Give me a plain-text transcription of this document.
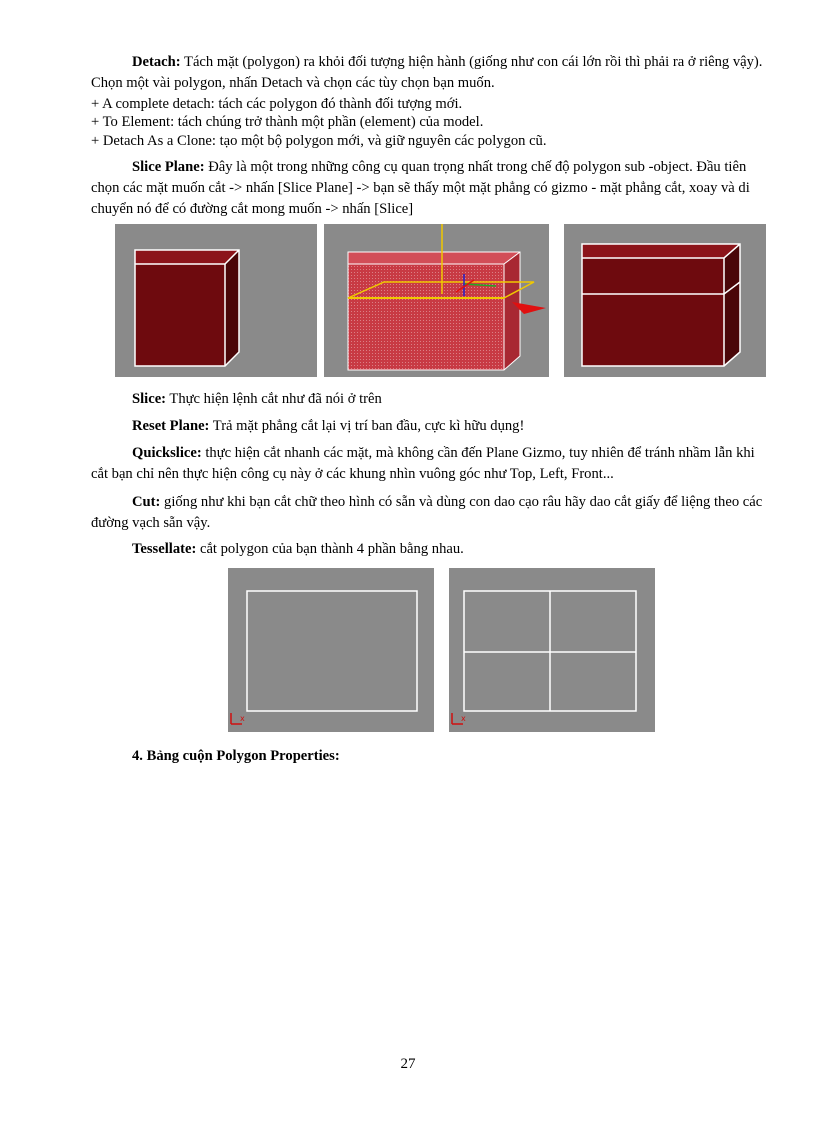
Detach: Tách mặt (polygon) ra khỏi đối tượng hiện hành (giống như con cái lớn rồi thì phải ra ở riêng vậy). Chọn một vài polygon, nhấn Detach và chọn các tùy chọn bạn muốn.

+ A complete detach: tách các polygon đó thành đối tượng mới.

+ To Element: tách chúng trở thành một phần (element) của model.

+ Detach As a Clone: tạo một bộ polygon mới, và giữ nguyên các polygon cũ.

Slice Plane: Đây là một trong những công cụ quan trọng nhất trong chế độ polygon sub -object. Đầu tiên chọn các mặt muốn cắt -> nhấn [Slice Plane] -> bạn sẽ thấy một mặt phẳng có gizmo - mặt phẳng cắt, xoay và di chuyển nó để có đường cắt mong muốn -> nhấn [Slice]

Slice: Thực hiện lệnh cắt như đã nói ở trên

Reset Plane: Trả mặt phẳng cắt lại vị trí ban đầu, cực kì hữu dụng!

Quickslice: thực hiện cắt nhanh các mặt, mà không cần đến Plane Gizmo, tuy nhiên để tránh nhầm lẫn khi cắt bạn chỉ nên thực hiện công cụ này ở các khung nhìn vuông góc như Top, Left, Front...

Cut: giống như khi bạn cắt chữ theo hình có sẵn và dùng con dao cạo râu hãy dao cắt giấy để liệng theo các đường vạch sẵn vậy.

Tessellate: cắt polygon của bạn thành 4 phần bằng nhau.

x	x

4. Bảng cuộn Polygon Properties:

27
